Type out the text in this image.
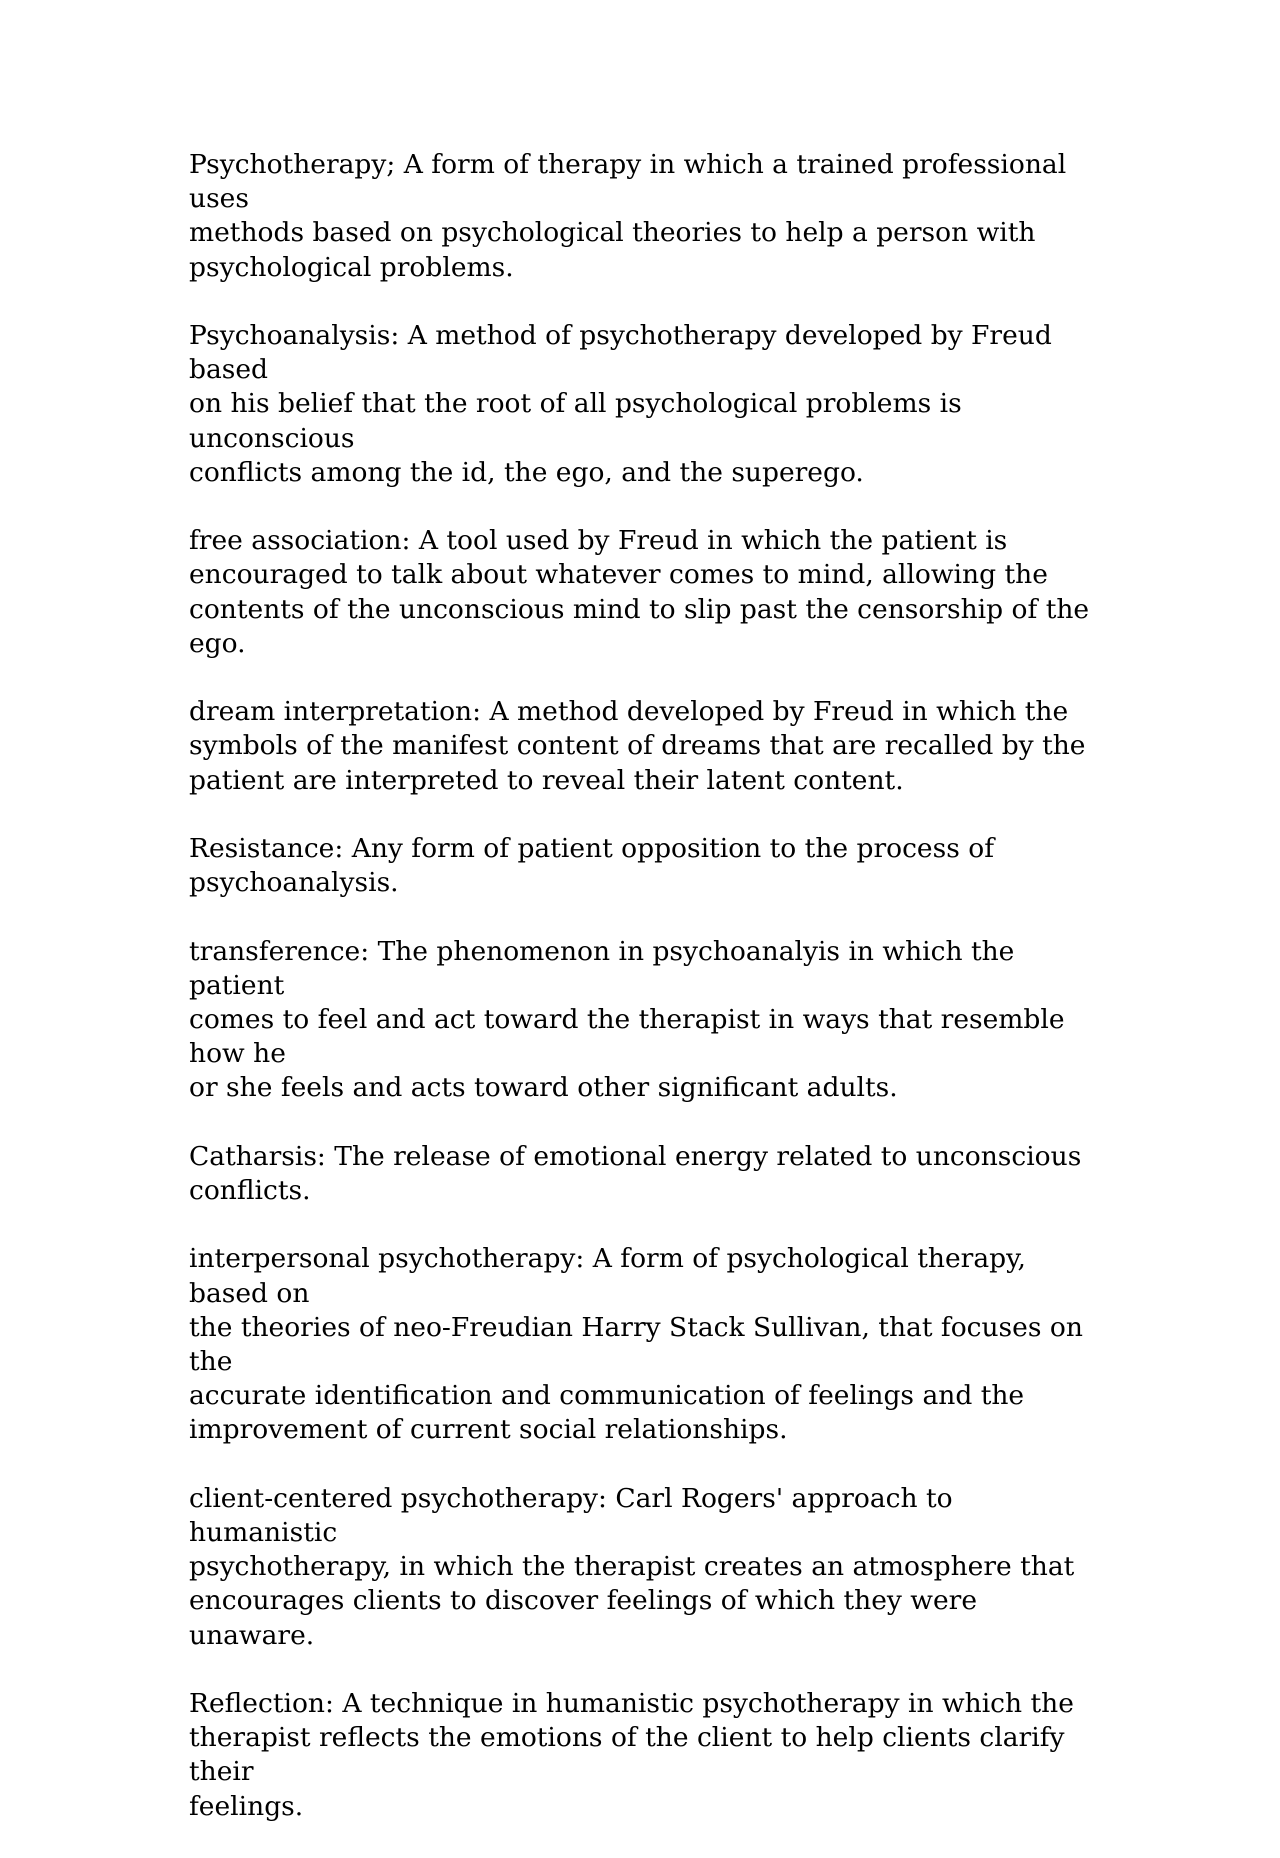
Psychotherapy; A form of therapy in which a trained professional uses
methods based on psychological theories to help a person with
psychological problems.

Psychoanalysis: A method of psychotherapy developed by Freud based
on his belief that the root of all psychological problems is unconscious
conflicts among the id, the ego, and the superego.

free association: A tool used by Freud in which the patient is
encouraged to talk about whatever comes to mind, allowing the
contents of the unconscious mind to slip past the censorship of the ego.

dream interpretation: A method developed by Freud in which the
symbols of the manifest content of dreams that are recalled by the
patient are interpreted to reveal their latent content.

Resistance: Any form of patient opposition to the process of
psychoanalysis.

transference: The phenomenon in psychoanalyis in which the patient
comes to feel and act toward the therapist in ways that resemble how he
or she feels and acts toward other significant adults.

Catharsis: The release of emotional energy related to unconscious
conflicts.

interpersonal psychotherapy: A form of psychological therapy, based on
the theories of neo-Freudian Harry Stack Sullivan, that focuses on the
accurate identification and communication of feelings and the
improvement of current social relationships.

client-centered psychotherapy: Carl Rogers' approach to humanistic
psychotherapy, in which the therapist creates an atmosphere that
encourages clients to discover feelings of which they were unaware.

Reflection: A technique in humanistic psychotherapy in which the
therapist reflects the emotions of the client to help clients clarify their
feelings.
